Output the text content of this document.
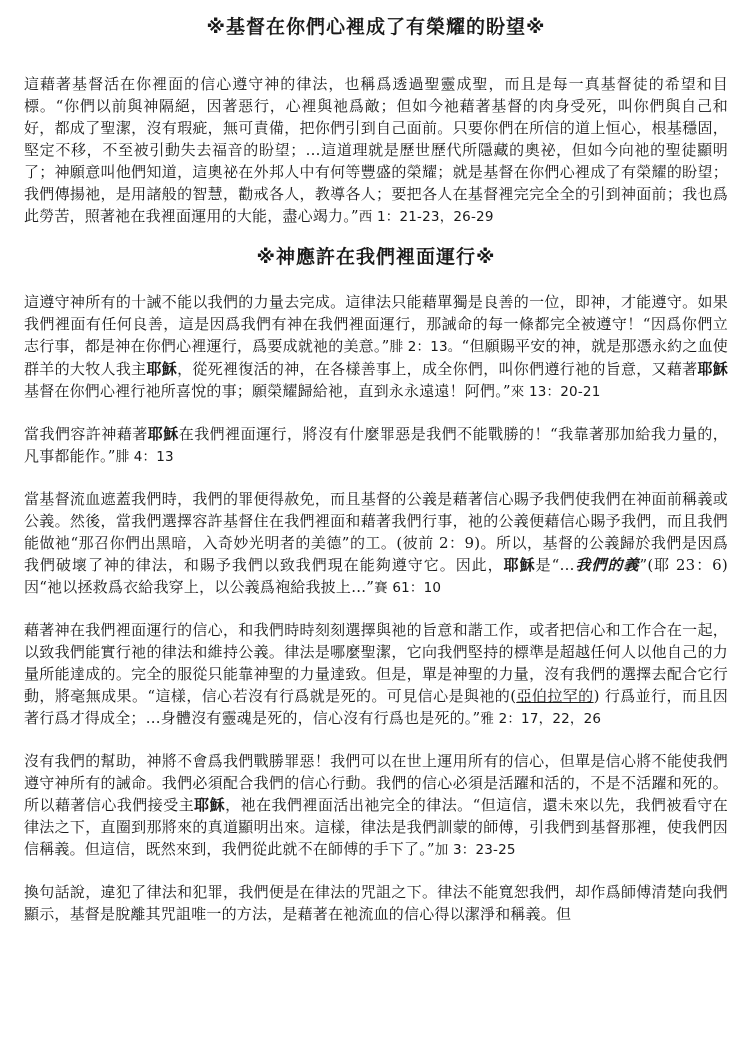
※基督在你們心裡成了有榮耀的盼望※

這藉著基督活在你裡面的信心遵守神的律法，也稱爲透過聖靈成聖，而且是每一真基督徒的希望和目標。“你們以前與神隔絕，因著惡行，心裡與祂爲敵；但如今祂藉著基督的肉身受死，叫你們與自己和好，都成了聖潔，沒有瑕疵，無可責備，把你們引到自己面前。只要你們在所信的道上恒心，根基穩固，堅定不移，不至被引動失去福音的盼望；…這道理就是歷世歷代所隱藏的奧祕，但如今向祂的聖徒顯明了；神願意叫他們知道，這奧祕在外邦人中有何等豐盛的榮耀；就是基督在你們心裡成了有榮耀的盼望；我們傳揚祂，是用諸般的智慧，勸戒各人，教導各人；要把各人在基督裡完完全全的引到神面前；我也爲此勞苦，照著祂在我裡面運用的大能，盡心竭力。”西 1：21-23，26-29

※神應許在我們裡面運行※

這遵守神所有的十誡不能以我們的力量去完成。這律法只能藉單獨是良善的一位，即神，才能遵守。如果我們裡面有任何良善，這是因爲我們有神在我們裡面運行，那誡命的每一條都完全被遵守！“因爲你們立志行事，都是神在你們心裡運行，爲要成就祂的美意。”腓 2：13。“但願賜平安的神，就是那憑永約之血使群羊的大牧人我主耶穌，從死裡復活的神，在各樣善事上，成全你們，叫你們遵行祂的旨意，又藉著耶穌基督在你們心裡行祂所喜悅的事；願榮耀歸給祂，直到永永遠遠！阿們。”來 13：20-21

當我們容許神藉著耶穌在我們裡面運行，將沒有什麼罪惡是我們不能戰勝的！“我靠著那加給我力量的，凡事都能作。”腓 4：13

當基督流血遮蓋我們時，我們的罪便得赦免，而且基督的公義是藉著信心賜予我們使我們在神面前稱義或公義。然後，當我們選擇容許基督住在我們裡面和藉著我們行事，祂的公義便藉信心賜予我們，而且我們能做祂“那召你們出黑暗，入奇妙光明者的美德”的工。(彼前 2：9)。所以，基督的公義歸於我們是因爲我們破壞了神的律法，和賜予我們以致我們現在能夠遵守它。因此，耶穌是“…我們的義”(耶 23：6)因“祂以拯救爲衣給我穿上，以公義爲袍給我披上…”賽 61：10

藉著神在我們裡面運行的信心，和我們時時刻刻選擇與祂的旨意和諧工作，或者把信心和工作合在一起，以致我們能實行祂的律法和維持公義。律法是哪麼聖潔，它向我們堅持的標準是超越任何人以他自己的力量所能達成的。完全的服從只能靠神聖的力量達致。但是，單是神聖的力量，沒有我們的選擇去配合它行動，將毫無成果。“這樣，信心若沒有行爲就是死的。可見信心是與祂的(亞伯拉罕的) 行爲並行，而且因著行爲才得成全；…身體沒有靈魂是死的，信心沒有行爲也是死的。”雅 2：17，22，26

沒有我們的幫助，神將不會爲我們戰勝罪惡！我們可以在世上運用所有的信心，但單是信心將不能使我們遵守神所有的誡命。我們必須配合我們的信心行動。我們的信心必須是活躍和活的，不是不活躍和死的。所以藉著信心我們接受主耶穌，祂在我們裡面活出祂完全的律法。“但這信，還未來以先，我們被看守在律法之下，直圈到那將來的真道顯明出來。這樣，律法是我們訓蒙的師傅，引我們到基督那裡，使我們因信稱義。但這信，既然來到，我們從此就不在師傅的手下了。”加 3：23-25

換句話說，違犯了律法和犯罪，我們便是在律法的咒詛之下。律法不能寬恕我們，却作爲師傅清楚向我們顯示，基督是脫離其咒詛唯一的方法，是藉著在祂流血的信心得以潔淨和稱義。但
